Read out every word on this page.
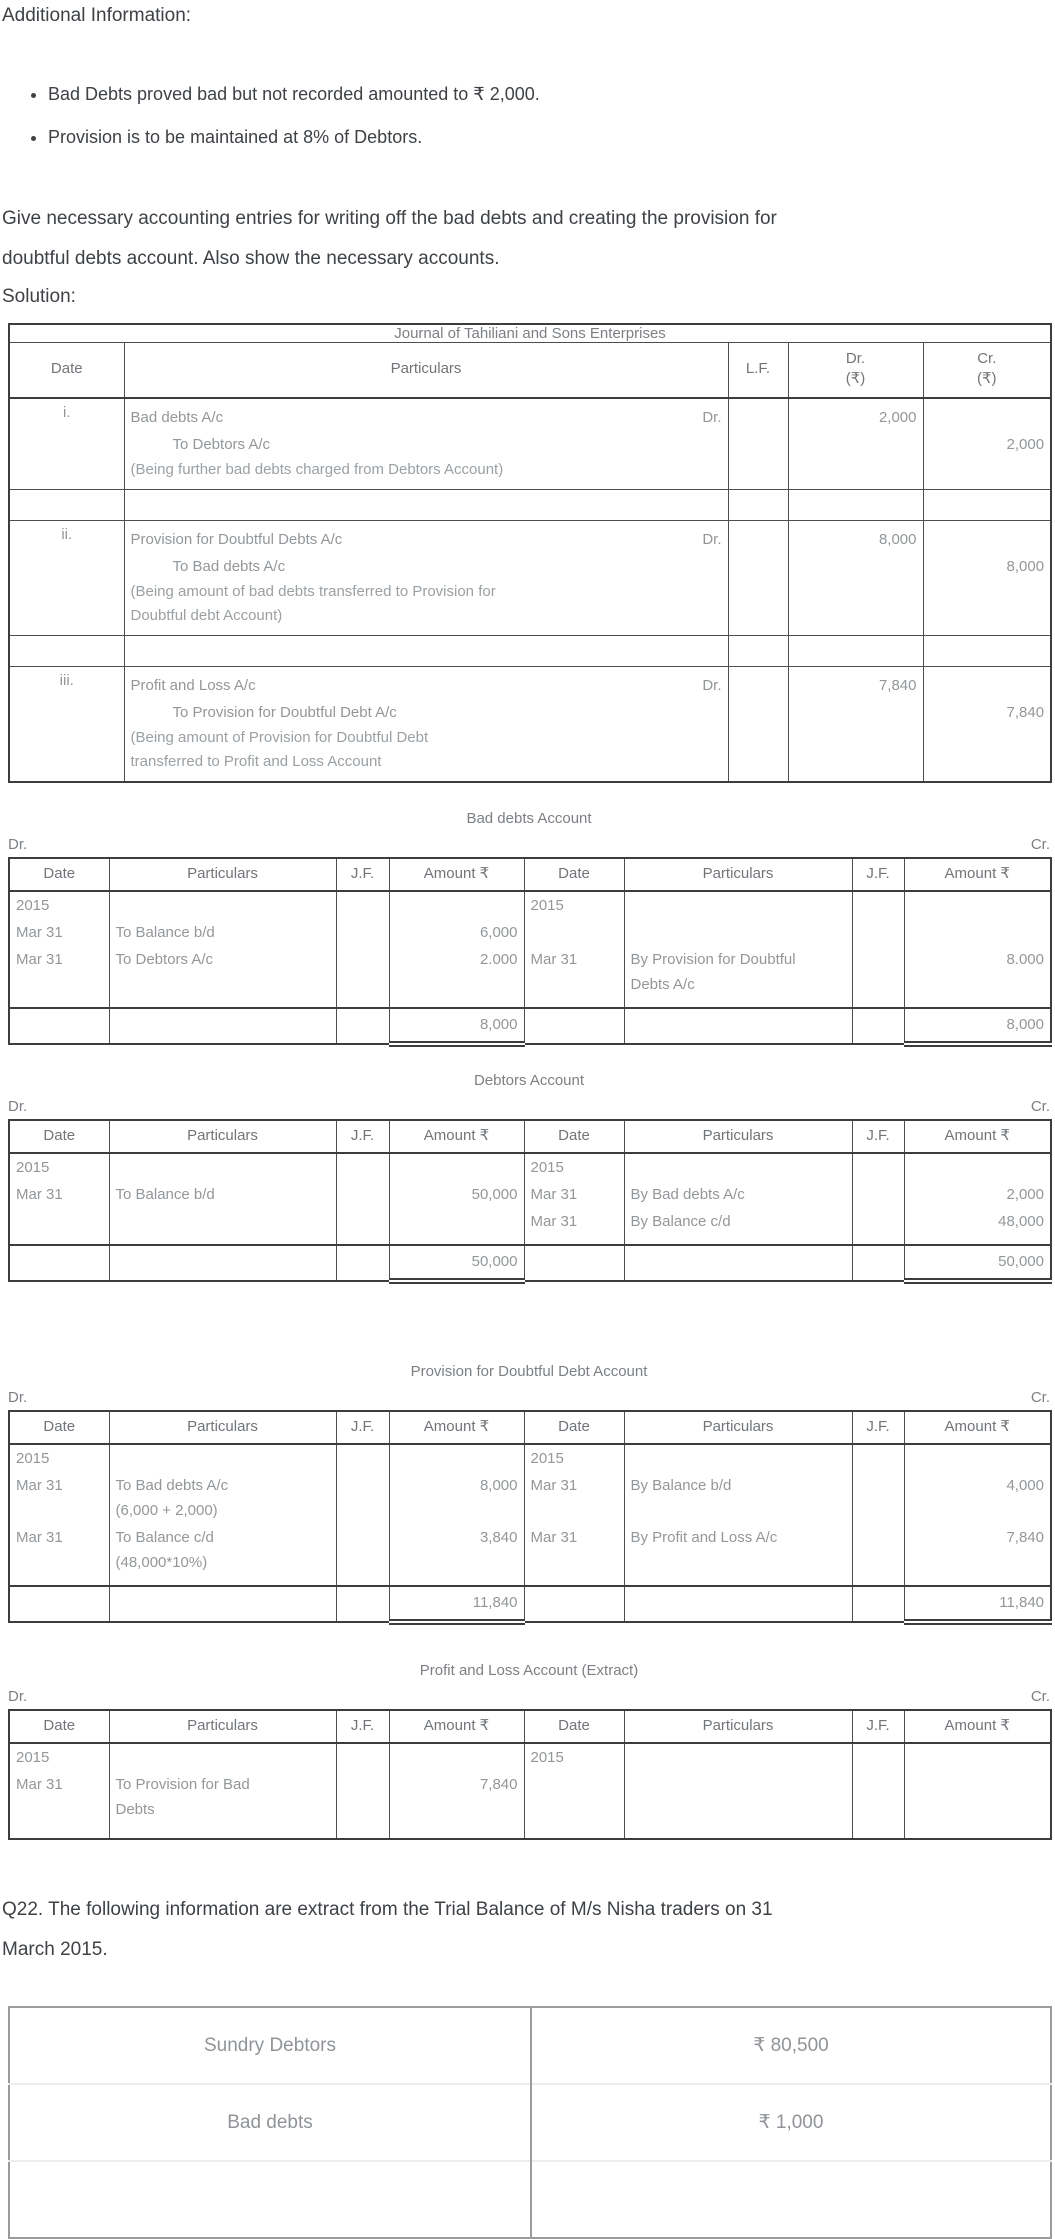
Additional Information:
• Bad Debts proved bad but not recorded amounted to ₹ 2,000.
• Provision is to be maintained at 8% of Debtors.
Give necessary accounting entries for writing off the bad debts and creating the provision for
doubtful debts account. Also show the necessary accounts.
Solution:
Journal of Tahiliani and Sons Enterprises				
Date	Particulars	L.F.	
Dr.
(₹)

Cr.
(₹)

i.	Bad debts A/c Dr.
To Debtors A/c
(Being further bad debts charged from Debtors Account)		2,000	2,000

ii.	Provision for Doubtful Debts A/c Dr.
To Bad debts A/c
(Being amount of bad debts transferred to Provision for
Doubtful debt Account)		8,000	8,000

iii.	Profit and Loss A/c Dr.
To Provision for Doubtful Debt A/c
(Being amount of Provision for Doubtful Debt
transferred to Profit and Loss Account		7,840	7,840
Bad debts Account
Dr.	Cr.
Date	Particulars	J.F.	Amount ₹	Date	Particulars	J.F.	Amount ₹
2015				2015			
Mar 31	To Balance b/d		6,000				
Mar 31	To Debtors A/c		2.000	Mar 31	By Provision for Doubtful
Debts A/c		8.000
			8,000				8,000
Debtors Account
Dr.	Cr.
Date	Particulars	J.F.	Amount ₹	Date	Particulars	J.F.	Amount ₹
2015				2015			
Mar 31	To Balance b/d		50,000	Mar 31	By Bad debts A/c		2,000
				Mar 31	By Balance c/d		48,000
			50,000				50,000
Provision for Doubtful Debt Account
Dr.	Cr.
Date	Particulars	J.F.	Amount ₹	Date	Particulars	J.F.	Amount ₹
2015				2015			
Mar 31	To Bad debts A/c
(6,000 + 2,000)		8,000	Mar 31	By Balance b/d		4,000
Mar 31	To Balance c/d
(48,000*10%)		3,840	Mar 31	By Profit and Loss A/c		7,840
			11,840				11,840
Profit and Loss Account (Extract)
Dr.	Cr.
Date	Particulars	J.F.	Amount ₹	Date	Particulars	J.F.	Amount ₹
2015				2015			
Mar 31	To Provision for Bad
Debts		7,840				
Q22. The following information are extract from the Trial Balance of M/s Nisha traders on 31
March 2015.
Sundry Debtors	₹ 80,500
Bad debts	₹ 1,000
